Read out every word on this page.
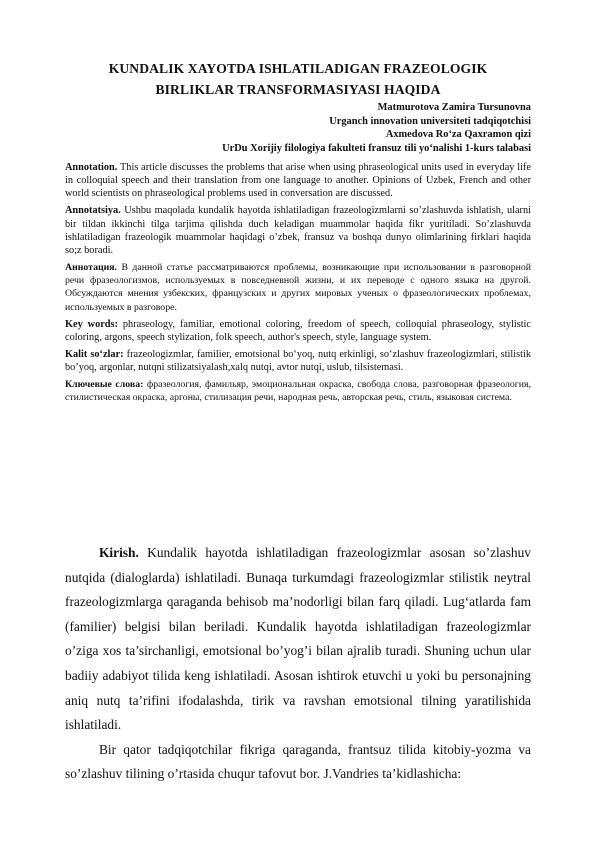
KUNDALIK XAYOTDA ISHLATILADIGAN FRAZEOLOGIK
BIRLIKLAR TRANSFORMASIYASI HAQIDA
Matmurotova Zamira Tursunovna
Urganch innovation universiteti tadqiqotchisi
Axmedova Ro‘za Qaxramon qizi
UrDu Xorijiy filologiya fakulteti fransuz tili yo‘nalishi 1-kurs talabasi

Annotation. This article discusses the problems that arise when using phraseological units used in everyday life in colloquial speech and their translation from one language to another. Opinions of Uzbek, French and other world scientists on phraseological problems used in conversation are discussed.

Annotatsiya. Ushbu maqolada kundalik hayotda ishlatiladigan frazeologizmlarni so’zlashuvda ishlatish, ularni bir tildan ikkinchi tilga tarjima qilishda duch keladigan muammolar haqida fikr yuritiladi. So’zlashuvda ishlatiladigan frazeologik muammolar haqidagi o’zbek, fransuz va boshqa dunyo olimlarining firklari haqida so;z boradi.

Аннотация. В данной статье рассматриваются проблемы, возникающие при использовании в разговорной речи фразеологизмов, используемых в повседневной жизни, и их переводе с одного языка на другой. Обсуждаются мнения узбекских, французских и других мировых ученых о фразеологических проблемах, используемых в разговоре.

Key words: phraseology, familiar, emotional coloring, freedom of speech, colloquial phraseology, stylistic coloring, argons, speech stylization, folk speech, author's speech, style, language system.

Kalit so‘zlar: frazeologizmlar, familier, emotsional bo‘yoq, nutq erkinligi, so‘zlashuv frazeologizmlari, stilistik bo’yoq, argonlar, nutqni stilizatsiyalash,xalq nutqi, avtor nutqi, uslub, tilsistemasi.

Ключевые слова: фразеология, фамильяр, эмоциональная окраска, свобода слова, разговорная фразеология, стилистическая окраска, аргоны, стилизация речи, народная речь, авторская речь, стиль, языковая система.

Kirish. Kundalik hayotda ishlatiladigan frazeologizmlar asosan so’zlashuv nutqida (dialoglarda) ishlatiladi. Bunaqa turkumdagi frazeologizmlar stilistik neytral frazeologizmlarga qaraganda behisob ma’nodorligi bilan farq qiladi. Lug‘atlarda fam (familier) belgisi bilan beriladi. Kundalik hayotda ishlatiladigan frazeologizmlar o’ziga xos ta’sirchanligi, emotsional bo’yog’i bilan ajralib turadi. Shuning uchun ular badiiy adabiyot tilida keng ishlatiladi. Asosan ishtirok etuvchi u yoki bu personajning aniq nutq ta’rifini ifodalashda, tirik va ravshan emotsional tilning yaratilishida ishlatiladi.

Bir qator tadqiqotchilar fikriga qaraganda, frantsuz tilida kitobiy-yozma va so’zlashuv tilining o’rtasida chuqur tafovut bor. J.Vandries ta’kidlashicha:
